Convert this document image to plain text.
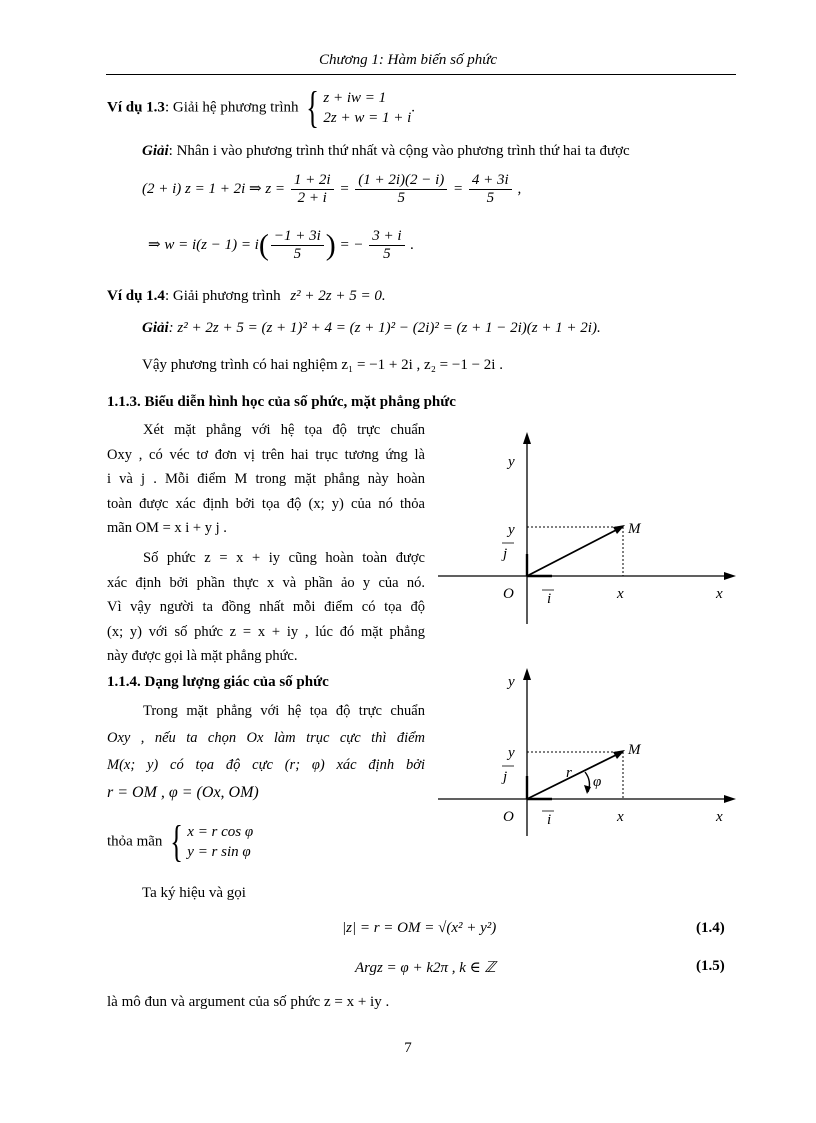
Chương 1: Hàm biến số phức
Ví dụ 1.3: Giải hệ phương trình { z + iw = 1
2z + w = 1 + i
.
Giải: Nhân i vào phương trình thứ nhất và cộng vào phương trình thứ hai ta được
(2 + i) z = 1 + 2i ⇒ $z = \frac{1 + 2i}{2 + i} = \frac{(1 + 2i)(2 - i)}{5} = \frac{4 + 3i}{5}$ ,
⇒ $w = i(z - 1) = i( \frac{-1 + 3i}{5}$ ) = − $\frac{3 + i}{5}$ .
Ví dụ 1.4: Giải phương trình z² + 2z + 5 = 0.
Giải: z² + 2z + 5 = (z + 1)² + 4 = (z + 1)² − (2i)² = (z + 1 − 2i)(z + 1 + 2i).
Vậy phương trình có hai nghiệm z₁ = −1 + 2i , z₂ = −1 − 2i .
1.1.3. Biểu diễn hình học của số phức, mặt phẳng phức
Xét mặt phẳng với hệ tọa độ trực chuẩn
Oxy , có véc tơ đơn vị trên hai trục tương ứng là
i và j . Mỗi điểm M trong mặt phẳng này hoàn
toàn được xác định bởi tọa độ (x; y) của nó thỏa
mãn OM = x i + y j .
Số phức z = x + iy cũng hoàn toàn được
xác định bởi phần thực x và phần ảo y của nó.
Vì vậy người ta đồng nhất mỗi điểm có tọa độ
(x; y) với số phức z = x + iy , lúc đó mặt phẳng
này được gọi là mặt phẳng phức.
y
y	M
j
O i	x	x
1.1.4. Dạng lượng giác của số phức
Trong mặt phẳng với hệ tọa độ trực chuẩn
Oxy , nếu ta chọn Ox làm trục cực thì điểm
M(x; y) có tọa độ cực (r; φ) xác định bởi
r = OM , φ = (Ox, OM)
thỏa mãn { x = r cos φ
y = r sin φ
Ta ký hiệu và gọi
|z| = r = OM = √(x² + y²)	(1.4)
Argz = φ + k2π , k ∈ ℤ	(1.5)
là mô đun và argument của số phức z = x + iy .
y
y	M
j	r
φ
O i	x	x
7
